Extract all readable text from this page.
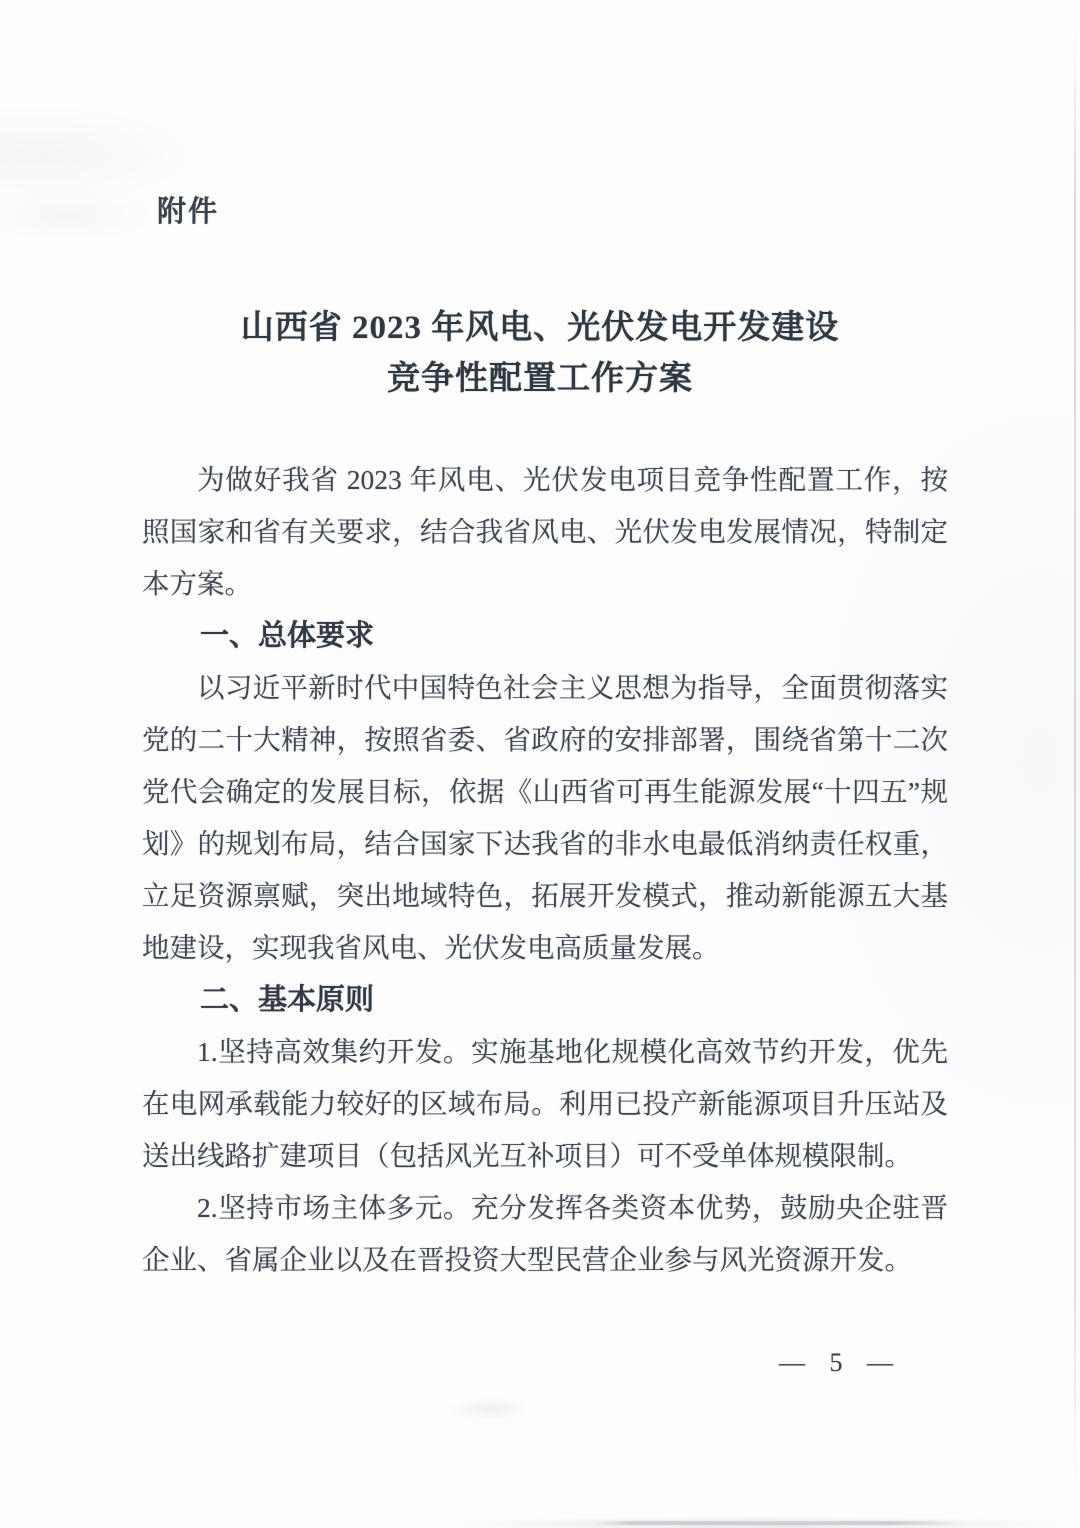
附件
山西省 2023 年风电、光伏发电开发建设
竞争性配置工作方案

为做好我省 2023 年风电、光伏发电项目竞争性配置工作，按照国家和省有关要求，结合我省风电、光伏发电发展情况，特制定本方案。

一、总体要求

以习近平新时代中国特色社会主义思想为指导，全面贯彻落实党的二十大精神，按照省委、省政府的安排部署，围绕省第十二次党代会确定的发展目标，依据《山西省可再生能源发展“十四五”规划》的规划布局，结合国家下达我省的非水电最低消纳责任权重，立足资源禀赋，突出地域特色，拓展开发模式，推动新能源五大基地建设，实现我省风电、光伏发电高质量发展。

二、基本原则

1.坚持高效集约开发。实施基地化规模化高效节约开发，优先在电网承载能力较好的区域布局。利用已投产新能源项目升压站及送出线路扩建项目（包括风光互补项目）可不受单体规模限制。

2.坚持市场主体多元。充分发挥各类资本优势，鼓励央企驻晋企业、省属企业以及在晋投资大型民营企业参与风光资源开发。

— 5 —
